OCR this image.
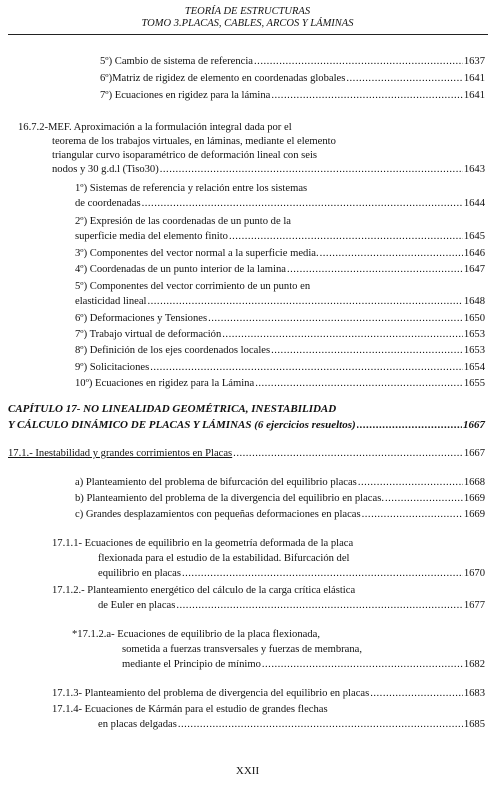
TEORÍA DE ESTRUCTURAS
TOMO 3.PLACAS, CABLES, ARCOS Y LÁMINAS
5º) Cambio de sistema de referencia .....	1637
6º)Matriz de rigidez de elemento en coordenadas globales .....	1641
7º) Ecuaciones en rigidez para la lámina .....	1641
16.7.2-MEF. Aproximación a la formulación integral dada por el
teorema de los trabajos virtuales, en láminas, mediante el elemento
triangular curvo isoparamétrico de deformación lineal con seis
nodos y 30 g.d.l (Tiso30) .....	1643
1º) Sistemas de referencia y relación entre los sistemas
de coordenadas .....	1644
2º) Expresión de las coordenadas de un punto de la
superficie media del elemento finito .....	1645
3º) Componentes del vector normal a la superficie media. .....	1646
4º) Coordenadas de un punto interior de la lamina .....	1647
5º) Componentes del vector corrimiento de un punto en
elasticidad lineal .....	1648
6º) Deformaciones y Tensiones .....	1650
7º) Trabajo virtual de deformación .....	1653
8º) Definición de los ejes coordenados locales .....	1653
9º) Solicitaciones .....	1654
10º) Ecuaciones en rigidez para la Lámina .....	1655
CAPÍTULO 17- NO LINEALIDAD GEOMÉTRICA, INESTABILIDAD
Y CÁLCULO DINÁMICO DE PLACAS Y LÁMINAS (6 ejercicios resueltos) .....	1667
17.1.- Inestabilidad y grandes corrimientos en Placas .....	1667
a) Planteamiento del problema de bifurcación del equilibrio placas .....	1668
b) Planteamiento del problema de la divergencia del equilibrio en placas. .....	1669
c) Grandes desplazamientos con pequeñas deformaciones en placas .....	1669
17.1.1- Ecuaciones de equilibrio en la geometría deformada de la placa
flexionada para el estudio de la estabilidad. Bifurcación del
equilibrio en placas .....	1670
17.1.2.- Planteamiento energético del cálculo de la carga crítica elástica
de Euler en placas .....	1677
*17.1.2.a- Ecuaciones de equilibrio de la placa flexionada,
sometida a fuerzas transversales y fuerzas de membrana,
mediante el Principio de mínimo .....	1682
17.1.3- Planteamiento del problema de divergencia del equilibrio en placas .....	1683
17.1.4- Ecuaciones de Kármán para el estudio de grandes flechas
en placas delgadas .....	1685
XXII
